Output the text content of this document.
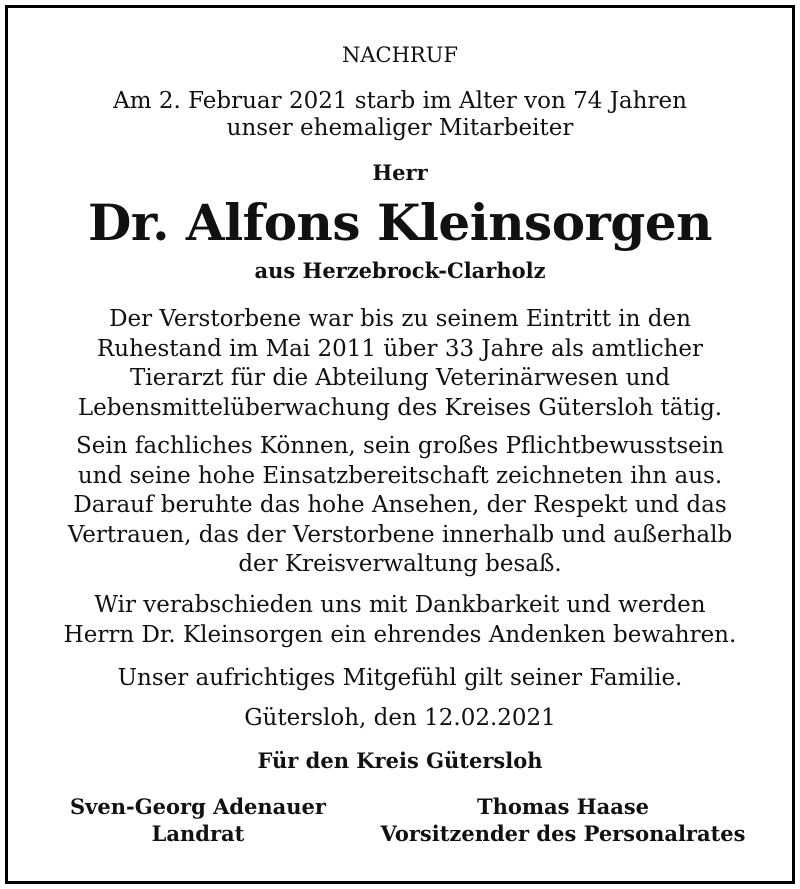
NACHRUF
Am 2. Februar 2021 starb im Alter von 74 Jahren
unser ehemaliger Mitarbeiter
Herr
Dr. Alfons Kleinsorgen
aus Herzebrock-Clarholz
Der Verstorbene war bis zu seinem Eintritt in den
Ruhestand im Mai 2011 über 33 Jahre als amtlicher
Tierarzt für die Abteilung Veterinärwesen und
Lebensmittelüberwachung des Kreises Gütersloh tätig.
Sein fachliches Können, sein großes Pflichtbewusstsein
und seine hohe Einsatzbereitschaft zeichneten ihn aus.
Darauf beruhte das hohe Ansehen, der Respekt und das
Vertrauen, das der Verstorbene innerhalb und außerhalb
der Kreisverwaltung besaß.
Wir verabschieden uns mit Dankbarkeit und werden
Herrn Dr. Kleinsorgen ein ehrendes Andenken bewahren.
Unser aufrichtiges Mitgefühl gilt seiner Familie.
Gütersloh, den 12.02.2021
Für den Kreis Gütersloh
Sven-Georg Adenauer
Landrat
Thomas Haase
Vorsitzender des Personalrates
